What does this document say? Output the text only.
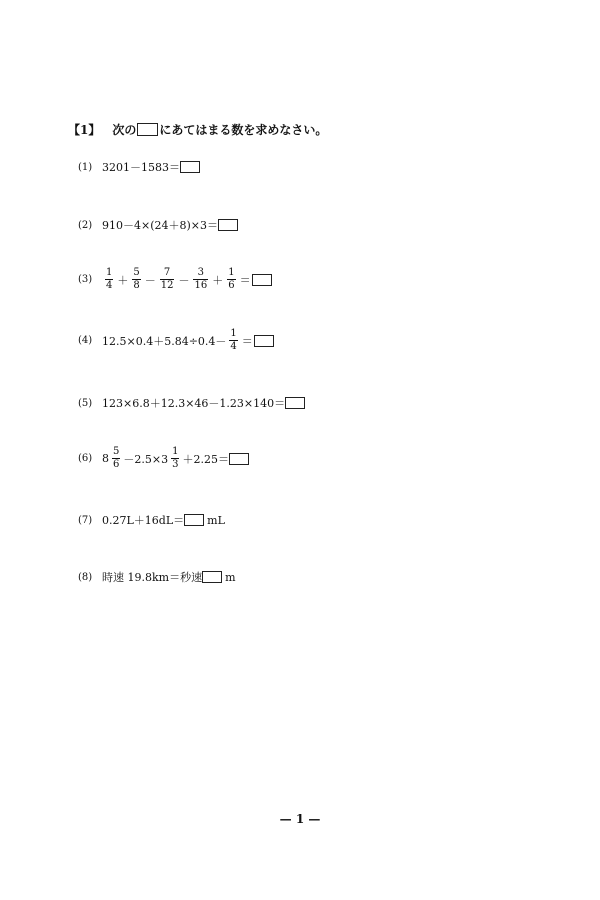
【1】 次の にあてはまる数を求めなさい。
(1) 3201－1583＝
(2) 910－4×(24＋8)×3＝
(3)	$\frac{1}{4} + \frac{5}{8} - \frac{7}{12} - \frac{3}{16} + \frac{1}{6}$ ＝
(4) $12.5\times 0.4+5.84\div 0.4- \frac{1}{4}$ ＝
(5) 123×6.8＋12.3×46－1.23×140＝
(6) $8 \frac{5}{6} -2.5\times 3 \frac{1}{3} +2.25=$
(7) 0.27L＋16dL＝ mL
(8) 時速 19.8km＝秒速 m
— 1 —
